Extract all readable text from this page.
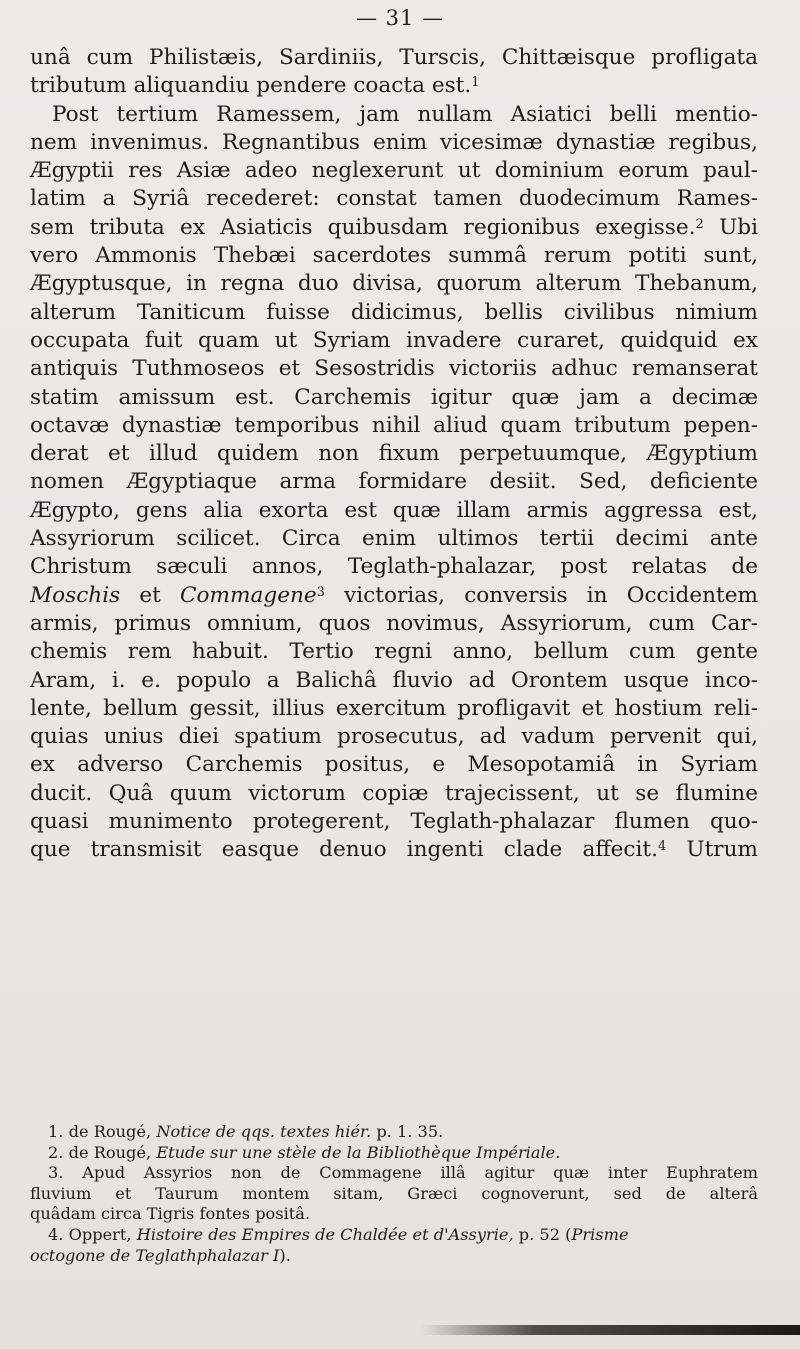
— 31 —
unâ cum Philistæis, Sardiniis, Turscis, Chittæisque profligata
tributum aliquandiu pendere coacta est.$^1$
Post tertium Ramessem, jam nullam Asiatici belli mentio-
nem invenimus. Regnantibus enim vicesimæ dynastiæ regibus,
Ægyptii res Asiæ adeo neglexerunt ut dominium eorum paul-
latim a Syriâ recederet: constat tamen duodecimum Rames-
sem tributa ex Asiaticis quibusdam regionibus exegisse.$^2$ Ubi
vero Ammonis Thebæi sacerdotes summâ rerum potiti sunt,
Ægyptusque, in regna duo divisa, quorum alterum Thebanum,
alterum Taniticum fuisse didicimus, bellis civilibus nimium
occupata fuit quam ut Syriam invadere curaret, quidquid ex
antiquis Tuthmoseos et Sesostridis victoriis adhuc remanserat
statim amissum est. Carchemis igitur quæ jam a decimæ
octavæ dynastiæ temporibus nihil aliud quam tributum pepen-
derat et illud quidem non fixum perpetuumque, Ægyptium
nomen Ægyptiaque arma formidare desiit. Sed, deficiente
Ægypto, gens alia exorta est quæ illam armis aggressa est,
Assyriorum scilicet. Circa enim ultimos tertii decimi ante
Christum sæculi annos, Teglath-phalazar, post relatas de
Moschis et Commagene$^3$ victorias, conversis in Occidentem
armis, primus omnium, quos novimus, Assyriorum, cum Car-
chemis rem habuit. Tertio regni anno, bellum cum gente
Aram, i. e. populo a Balichâ fluvio ad Orontem usque inco-
lente, bellum gessit, illius exercitum profligavit et hostium reli-
quias unius diei spatium prosecutus, ad vadum pervenit qui,
ex adverso Carchemis positus, e Mesopotamiâ in Syriam
ducit. Quâ quum victorum copiæ trajecissent, ut se flumine
quasi munimento protegerent, Teglath-phalazar flumen quo-
que transmisit easque denuo ingenti clade affecit.$^4$ Utrum
1. de Rougé, Notice de qqs. textes hiér. p. 1. 35.
2. de Rougé, Etude sur une stèle de la Bibliothèque Impériale.
3. Apud Assyrios non de Commagene illâ agitur quæ inter Euphratem
fluvium et Taurum montem sitam, Græci cognoverunt, sed de alterâ
quâdam circa Tigris fontes positâ.
4. Oppert, Histoire des Empires de Chaldée et d'Assyrie, p. 52 (Prisme
octogone de Teglathphalazar I).
